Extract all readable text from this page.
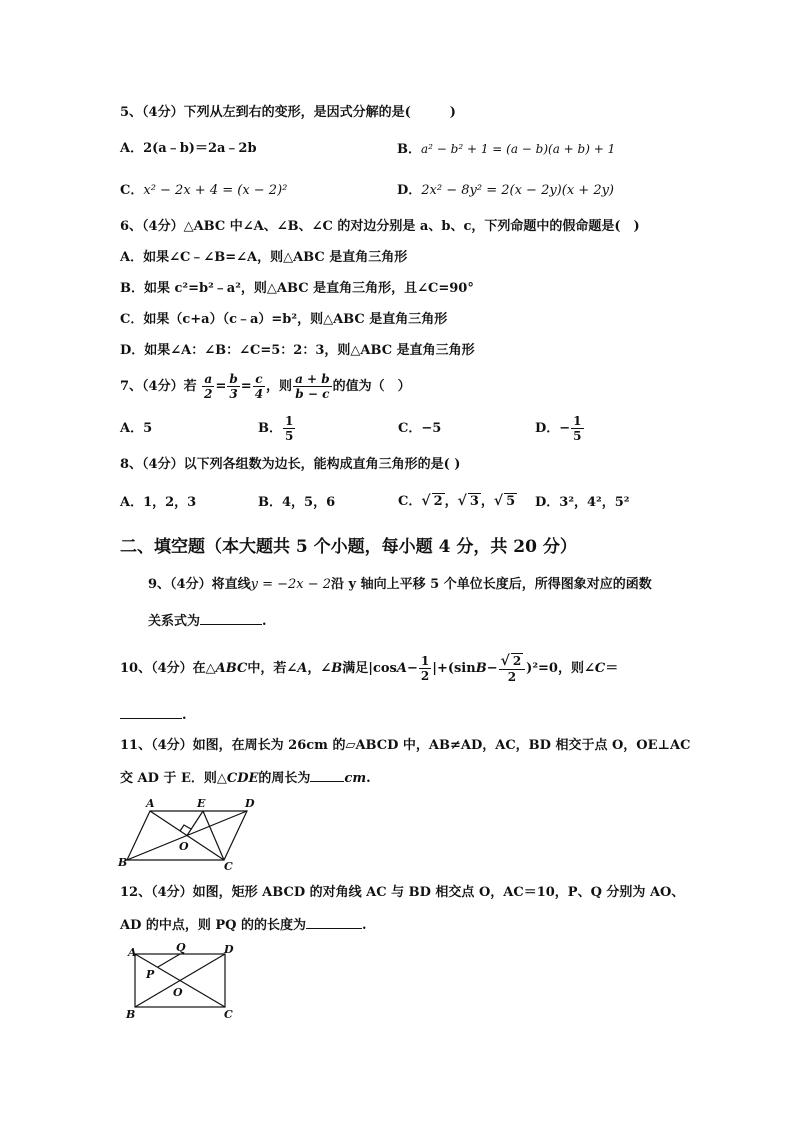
5、（4分）下列从左到右的变形，是因式分解的是(　　　)
A．2(a﹣b)＝2a﹣2b	B．a² − b² + 1 = (a − b)(a + b) + 1
C．x² − 2x + 4 = (x − 2)²	D．2x² − 8y² = 2(x − 2y)(x + 2y)
6、（4分）△ABC 中∠A、∠B、∠C 的对边分别是 a、b、c，下列命题中的假命题是(　)
A．如果∠C﹣∠B=∠A，则△ABC 是直角三角形
B．如果 c²=b²﹣a²，则△ABC 是直角三角形，且∠C=90°
C．如果（c+a）（c﹣a）=b²，则△ABC 是直角三角形
D．如果∠A：∠B：∠C=5：2：3，则△ABC 是直角三角形
7、（4分）若 $\frac{a}{2} = \frac{b}{3} = \frac{c}{4}$ ，则 $\frac{a + b}{b - c}$ 的值为（　）
A．5	B． $\frac{1}{5}$	C．−5	D．− $\frac{1}{5}$
8、（4分）以下列各组数为边长，能构成直角三角形的是( )
A．1，2，3	B．4，5，6	C．√ 2 ，√ 3 ，√ 5 D．3²，4²，5²
二、填空题（本大题共 5 个小题，每小题 4 分，共 20 分）
9、（4分）将直线y = −2x − 2沿 y 轴向上平移 5 个单位长度后，所得图象对应的函数
关系式为	.
10、（4分）在△ABC中，若∠A，∠B满足$|\cos A- \frac{1}{2} |+(\sin B- \frac{√ 2}{2} )^2=0$，则∠C＝
.
11、（4分）如图，在周长为 26cm 的▱ABCD 中，AB≠AD，AC，BD 相交于点 O，OE⊥AC
交 AD 于 E．则△CDE的周长为	cm.
A	E	D
O
B	C
12、（4分）如图，矩形 ABCD 的对角线 AC 与 BD 相交点 O，AC＝10，P、Q 分别为 AO、
AD 的中点，则 PQ 的的长度为	.
A	Q	D
P
O
B	C
